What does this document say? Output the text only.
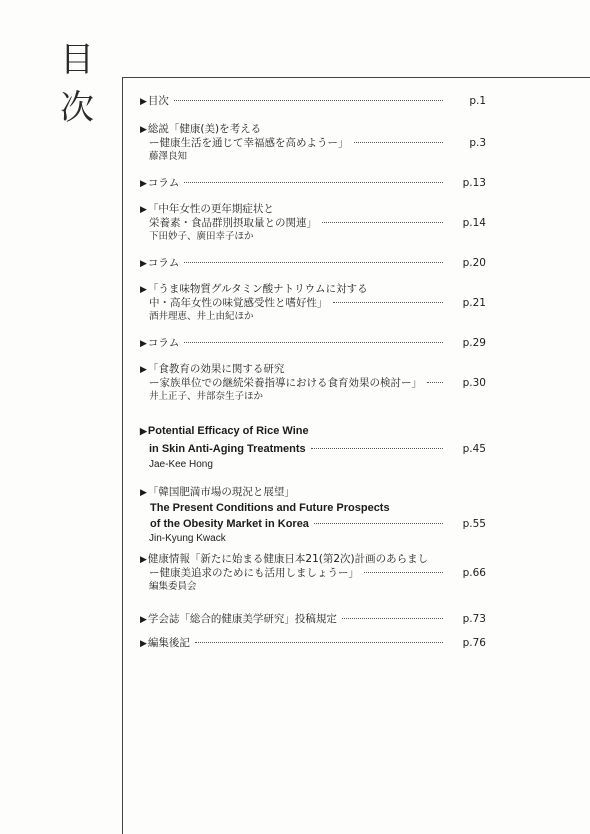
目
次	▶ 目次	p.1
▶ 総説「健康(美)を考える
ー健康生活を通じて幸福感を高めようー」	p.3
藤澤良知
▶ コラム	p.13
▶ 「中年女性の更年期症状と
栄養素・食品群別摂取量との関連」	p.14
下田妙子、廣田幸子ほか
▶ コラム	p.20
▶ 「うま味物質グルタミン酸ナトリウムに対する
中・高年女性の味覚感受性と嗜好性」	p.21
酒井理恵、井上由紀ほか
▶ コラム	p.29
▶ 「食教育の効果に関する研究
ー家族単位での継続栄養指導における食育効果の検討ー」	p.30
井上正子、井部奈生子ほか
▶ Potential Efficacy of Rice Wine
in Skin Anti-Aging Treatments	p.45
Jae-Kee Hong
▶ 「韓国肥満市場の現況と展望」
The Present Conditions and Future Prospects
of the Obesity Market in Korea	p.55
Jin-Kyung Kwack
▶ 健康情報「新たに始まる健康日本21(第2次)計画のあらまし
ー健康美追求のためにも活用しましょうー」	p.66
編集委員会
▶ 学会誌「総合的健康美学研究」投稿規定	p.73
▶ 編集後記	p.76
